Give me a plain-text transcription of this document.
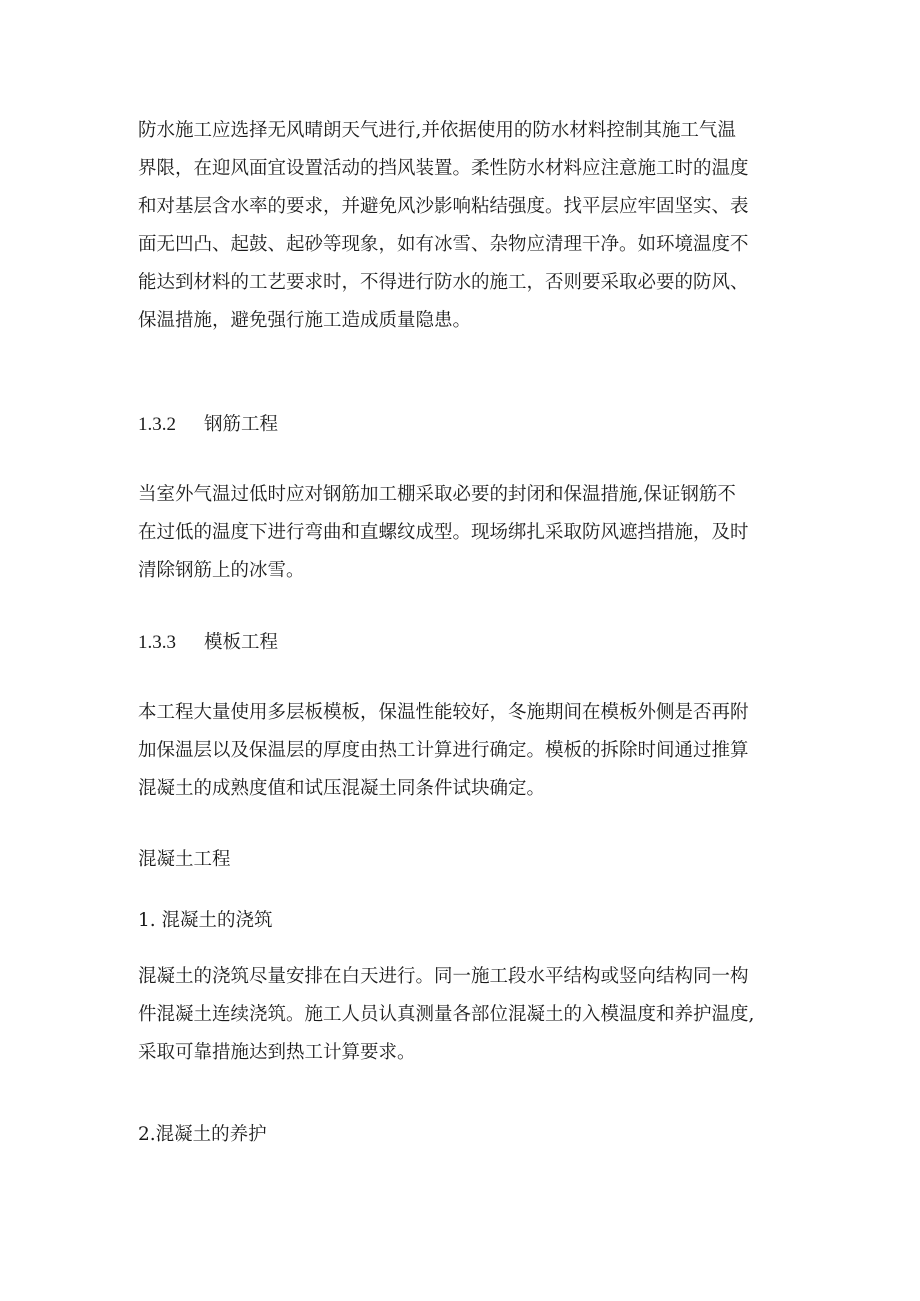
防水施工应选择无风晴朗天气进行,并依据使用的防水材料控制其施工气温
界限，在迎风面宜设置活动的挡风装置。柔性防水材料应注意施工时的温度
和对基层含水率的要求，并避免风沙影响粘结强度。找平层应牢固坚实、表
面无凹凸、起鼓、起砂等现象，如有冰雪、杂物应清理干净。如环境温度不
能达到材料的工艺要求时，不得进行防水的施工，否则要采取必要的防风、
保温措施，避免强行施工造成质量隐患。
1.3.2 钢筋工程
当室外气温过低时应对钢筋加工棚采取必要的封闭和保温措施,保证钢筋不
在过低的温度下进行弯曲和直螺纹成型。现场绑扎采取防风遮挡措施，及时
清除钢筋上的冰雪。
1.3.3 模板工程
本工程大量使用多层板模板，保温性能较好，冬施期间在模板外侧是否再附
加保温层以及保温层的厚度由热工计算进行确定。模板的拆除时间通过推算
混凝土的成熟度值和试压混凝土同条件试块确定。
混凝土工程
1. 混凝土的浇筑
混凝土的浇筑尽量安排在白天进行。同一施工段水平结构或竖向结构同一构
件混凝土连续浇筑。施工人员认真测量各部位混凝土的入模温度和养护温度,
采取可靠措施达到热工计算要求。
2.混凝土的养护
